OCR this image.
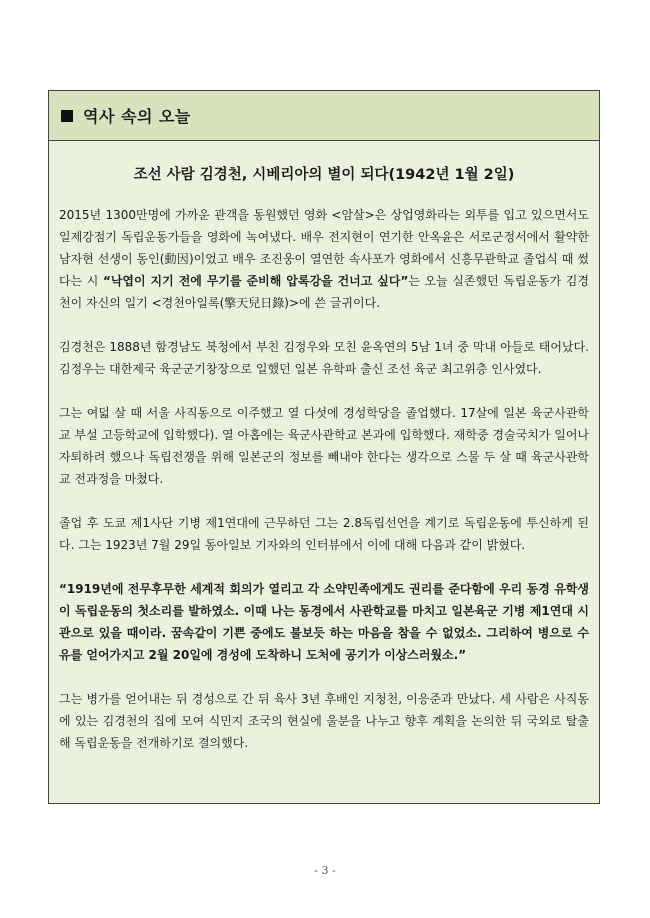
역사 속의 오늘
조선 사람 김경천, 시베리아의 별이 되다(1942년 1월 2일)

2015년 1300만명에 가까운 관객을 동원했던 영화 <암살>은 상업영화라는 외투를 입고 있으면서도 일제강점기 독립운동가들을 영화에 녹여냈다. 배우 전지현이 연기한 안옥윤은 서로군정서에서 활약한 남자현 선생이 동인(動因)이었고 배우 조진웅이 열연한 속사포가 영화에서 신흥무관학교 졸업식 때 썼다는 시 “낙엽이 지기 전에 무기를 준비해 압록강을 건너고 싶다”는 오늘 실존했던 독립운동가 김경천이 자신의 일기 <경천아일록(擎天兒日錄)>에 쓴 글귀이다.

김경천은 1888년 함경남도 북청에서 부친 김정우와 모친 윤옥연의 5남 1녀 중 막내 아들로 태어났다. 김정우는 대한제국 육군군기창장으로 일했던 일본 유학파 출신 조선 육군 최고위층 인사였다.

그는 여덟 살 때 서울 사직동으로 이주했고 열 다섯에 경성학당을 졸업했다. 17살에 일본 육군사관학교 부설 고등학교에 입학했다). 열 아홉에는 육군사관학교 본과에 입학했다. 재학중 경술국치가 일어나 자퇴하려 했으나 독립전쟁을 위해 일본군의 정보를 빼내야 한다는 생각으로 스물 두 살 때 육군사관학교 전과정을 마쳤다.

졸업 후 도쿄 제1사단 기병 제1연대에 근무하던 그는 2.8독립선언을 계기로 독립운동에 투신하게 된다. 그는 1923년 7월 29일 동아일보 기자와의 인터뷰에서 이에 대해 다음과 같이 밝혔다.

“1919년에 전무후무한 세계적 회의가 열리고 각 소약민족에게도 권리를 준다함에 우리 동경 유학생이 독립운동의 첫소리를 발하였소. 이때 나는 동경에서 사관학교를 마치고 일본육군 기병 제1연대 시관으로 있을 때이라. 꿈속같이 기쁜 중에도 불보듯 하는 마음을 참을 수 없었소. 그리하여 병으로 수유를 얻어가지고 2월 20일에 경성에 도착하니 도처에 공기가 이상스러웠소.”

그는 병가를 얻어내는 뒤 경성으로 간 뒤 육사 3년 후배인 지청천, 이응준과 만났다. 세 사람은 사직동에 있는 김경천의 집에 모여 식민지 조국의 현실에 울분을 나누고 향후 계획을 논의한 뒤 국외로 탈출해 독립운동을 전개하기로 결의했다.

- 3 -
